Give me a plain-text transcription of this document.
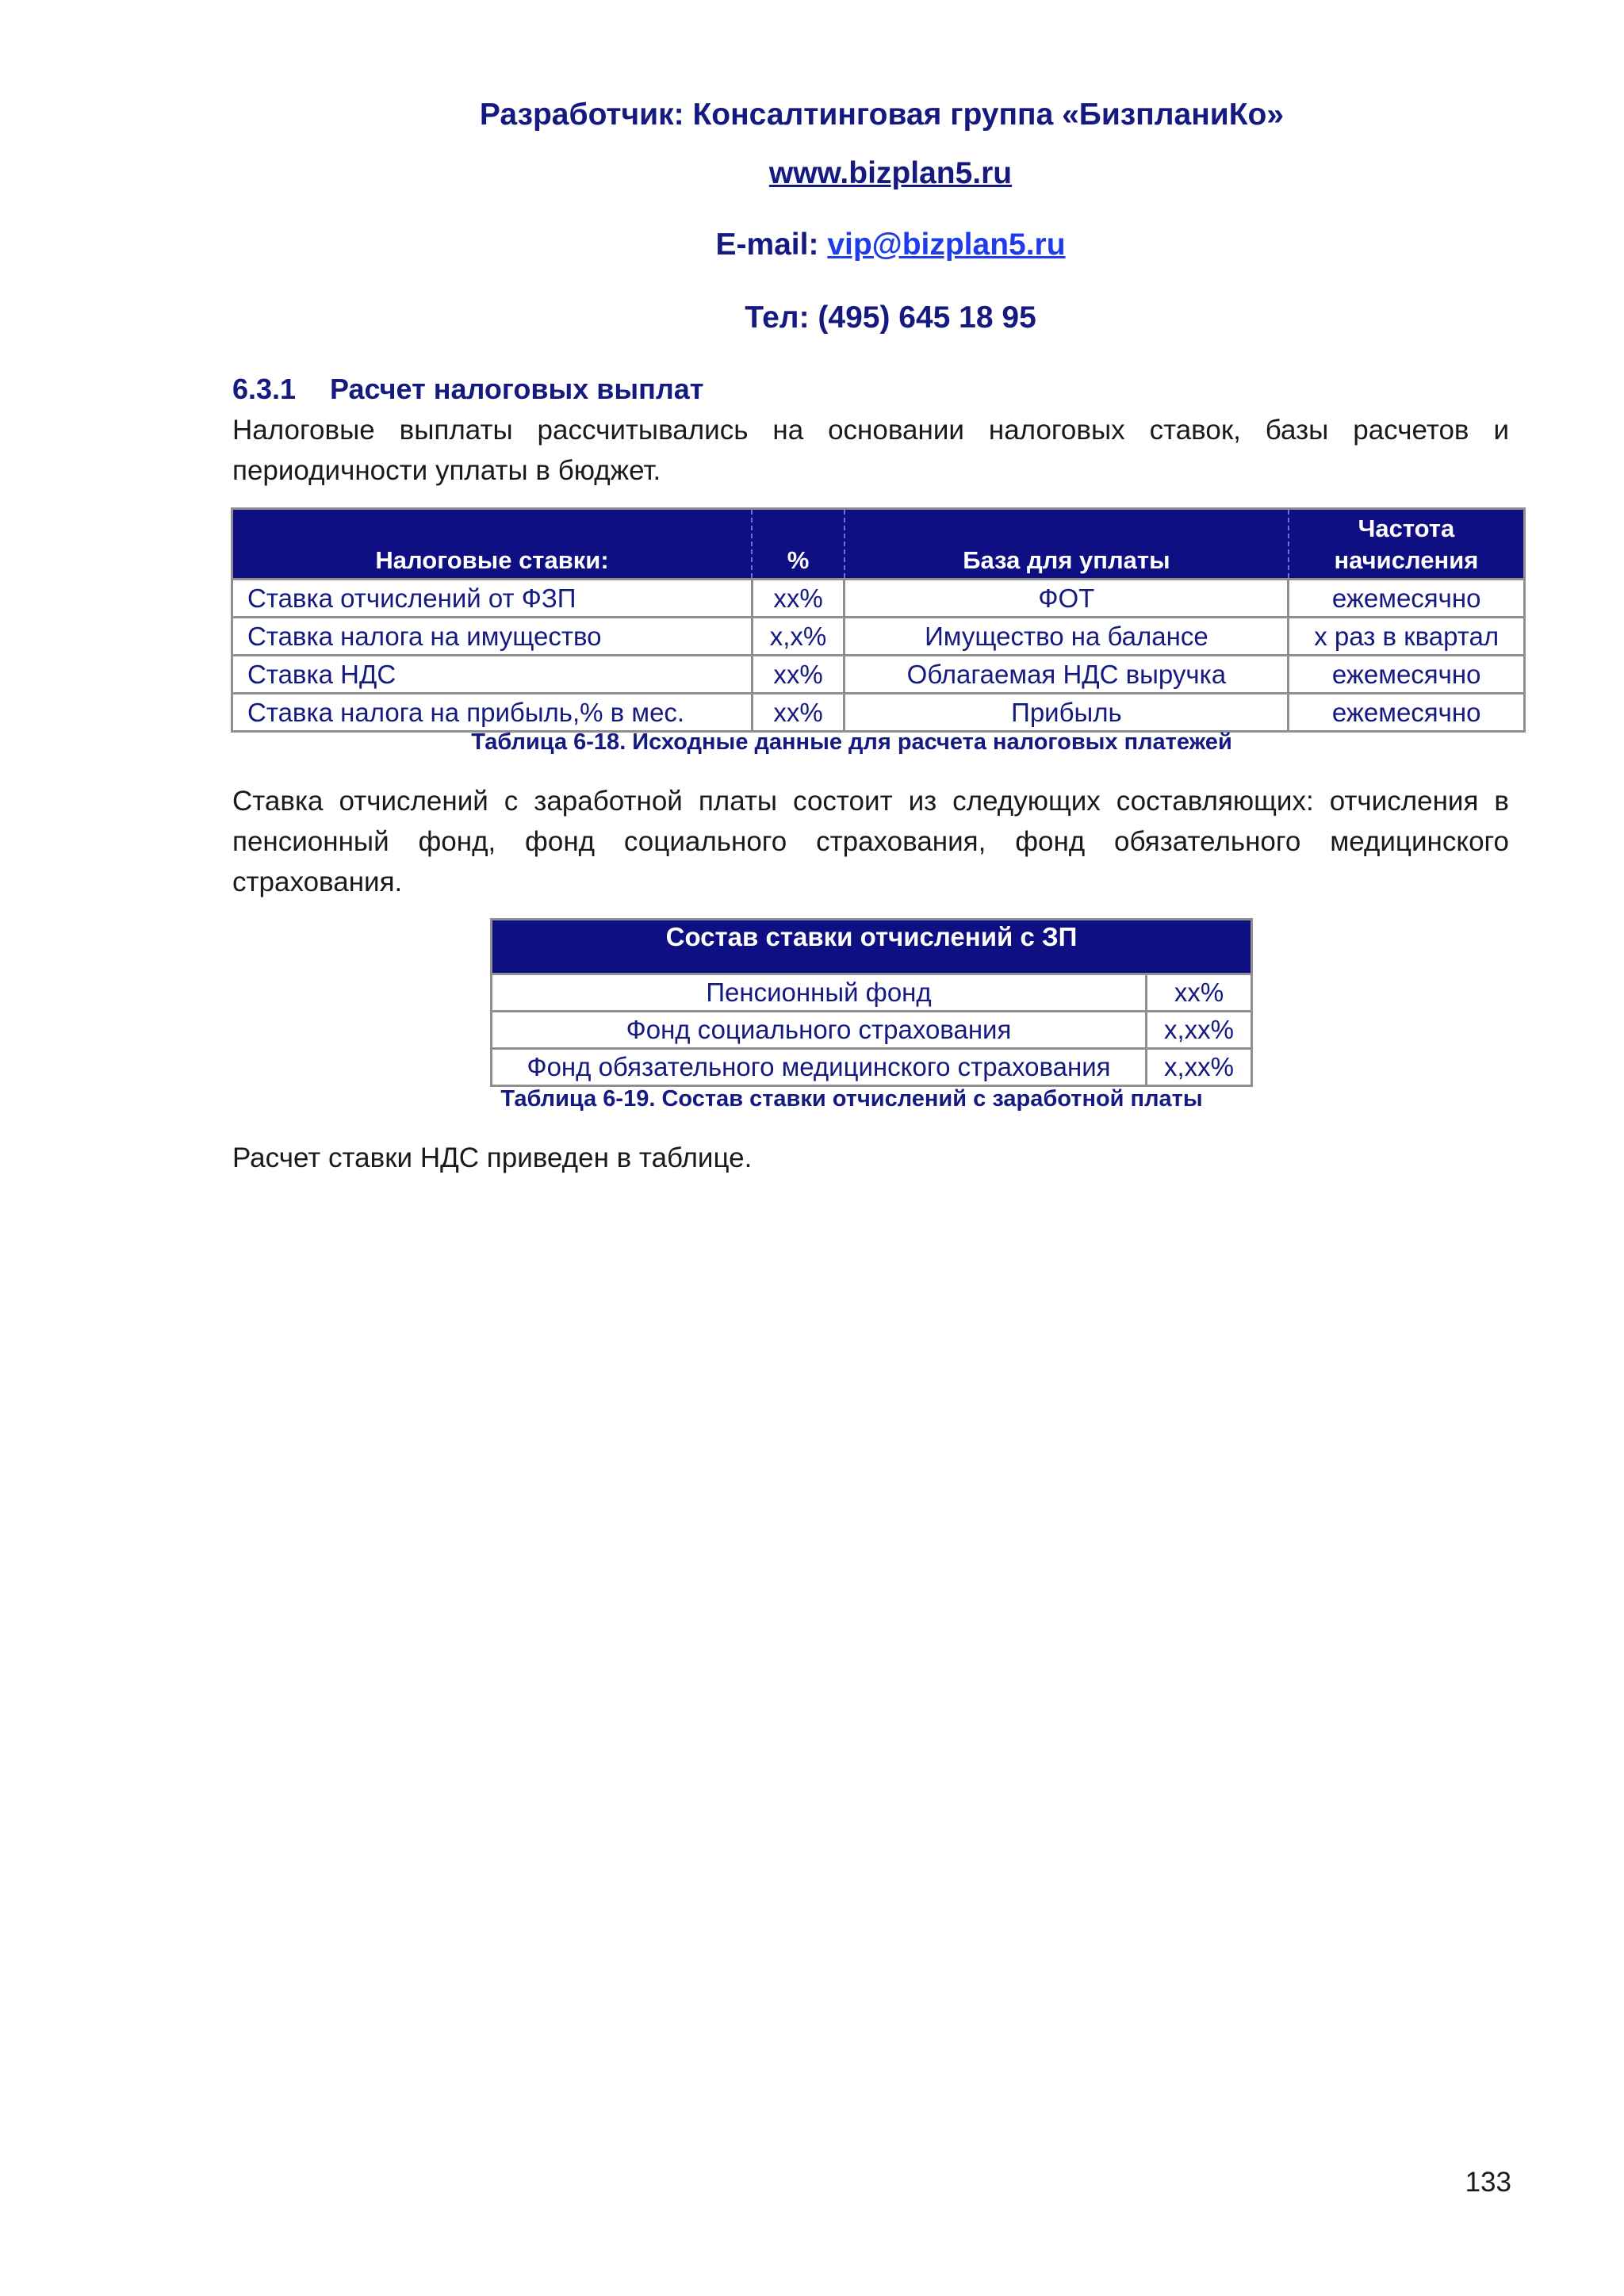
Разработчик: Консалтинговая группа «БизпланиКо»
www.bizplan5.ru
E-mail: vip@bizplan5.ru
Тел: (495) 645 18 95
6.3.1 Расчет налоговых выплат
Налоговые выплаты рассчитывались на основании налоговых ставок, базы расчетов и периодичности уплаты в бюджет.
Налоговые ставки:	%	База для уплаты	Частота начисления
Ставка отчислений от ФЗП	xx%	ФОТ	ежемесячно
Ставка налога на имущество	x,x%	Имущество на балансе	x раз в квартал
Ставка НДС	xx%	Облагаемая НДС выручка	ежемесячно
Ставка налога на прибыль,% в мес.	xx%	Прибыль	ежемесячно
Таблица 6-18. Исходные данные для расчета налоговых платежей
Ставка отчислений с заработной платы состоит из следующих составляющих: отчисления в пенсионный фонд, фонд социального страхования, фонд обязательного медицинского страхования.
Состав ставки отчислений с ЗП	
Пенсионный фонд	xx%
Фонд социального страхования	x,xx%
Фонд обязательного медицинского страхования	x,xx%
Таблица 6-19. Состав ставки отчислений с заработной платы
Расчет ставки НДС приведен в таблице.
133
